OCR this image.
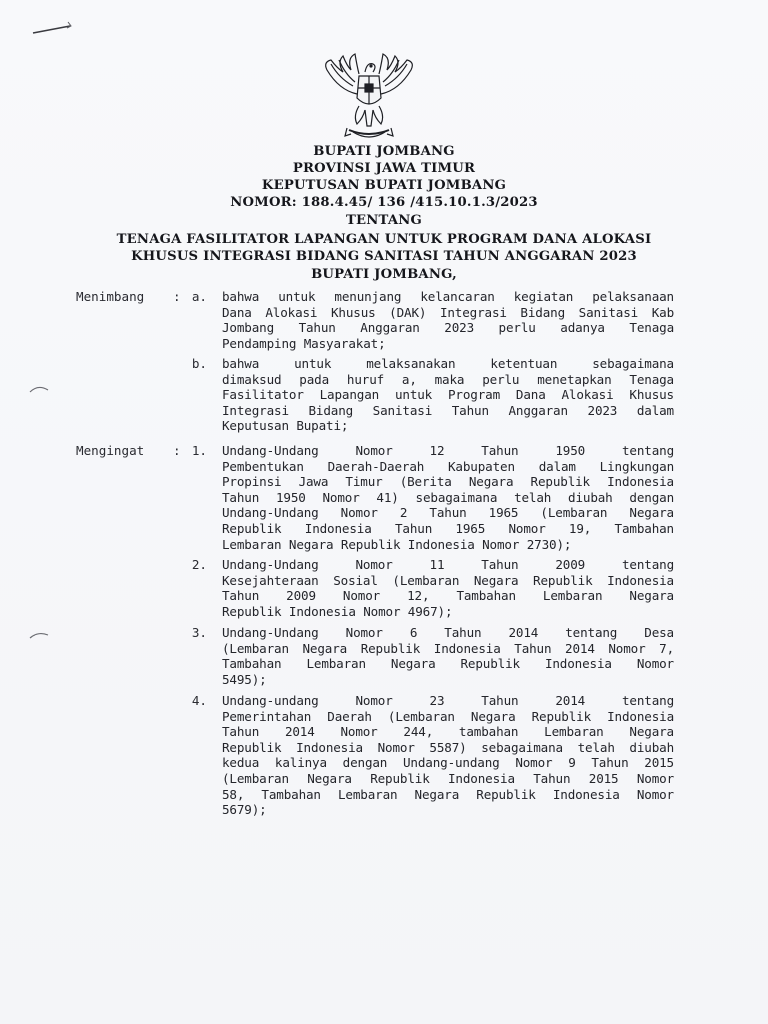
BUPATI JOMBANG
PROVINSI JAWA TIMUR
KEPUTUSAN BUPATI JOMBANG
NOMOR: 188.4.45/ 136 /415.10.1.3/2023
TENTANG
TENAGA FASILITATOR LAPANGAN UNTUK PROGRAM DANA ALOKASI
KHUSUS INTEGRASI BIDANG SANITASI TAHUN ANGGARAN 2023
BUPATI JOMBANG,
Menimbang : a. bahwa untuk menunjang kelancaran kegiatan pelaksanaan
Dana Alokasi Khusus (DAK) Integrasi Bidang Sanitasi Kab
Jombang Tahun Anggaran 2023 perlu adanya Tenaga
Pendamping Masyarakat;
b. bahwa untuk melaksanakan ketentuan sebagaimana
dimaksud pada huruf a, maka perlu menetapkan Tenaga
Fasilitator Lapangan untuk Program Dana Alokasi Khusus
Integrasi Bidang Sanitasi Tahun Anggaran 2023 dalam
Keputusan Bupati;
Mengingat : 1. Undang-Undang Nomor 12 Tahun 1950 tentang
Pembentukan Daerah-Daerah Kabupaten dalam Lingkungan
Propinsi Jawa Timur (Berita Negara Republik Indonesia
Tahun 1950 Nomor 41) sebagaimana telah diubah dengan
Undang-Undang Nomor 2 Tahun 1965 (Lembaran Negara
Republik Indonesia Tahun 1965 Nomor 19, Tambahan
Lembaran Negara Republik Indonesia Nomor 2730);
2. Undang-Undang Nomor 11 Tahun 2009 tentang
Kesejahteraan Sosial (Lembaran Negara Republik Indonesia
Tahun 2009 Nomor 12, Tambahan Lembaran Negara
Republik Indonesia Nomor 4967);
3. Undang-Undang Nomor 6 Tahun 2014 tentang Desa
(Lembaran Negara Republik Indonesia Tahun 2014 Nomor 7,
Tambahan Lembaran Negara Republik Indonesia Nomor
5495);
4. Undang-undang Nomor 23 Tahun 2014 tentang
Pemerintahan Daerah (Lembaran Negara Republik Indonesia
Tahun 2014 Nomor 244, tambahan Lembaran Negara
Republik Indonesia Nomor 5587) sebagaimana telah diubah
kedua kalinya dengan Undang-undang Nomor 9 Tahun 2015
(Lembaran Negara Republik Indonesia Tahun 2015 Nomor
58, Tambahan Lembaran Negara Republik Indonesia Nomor
5679);
